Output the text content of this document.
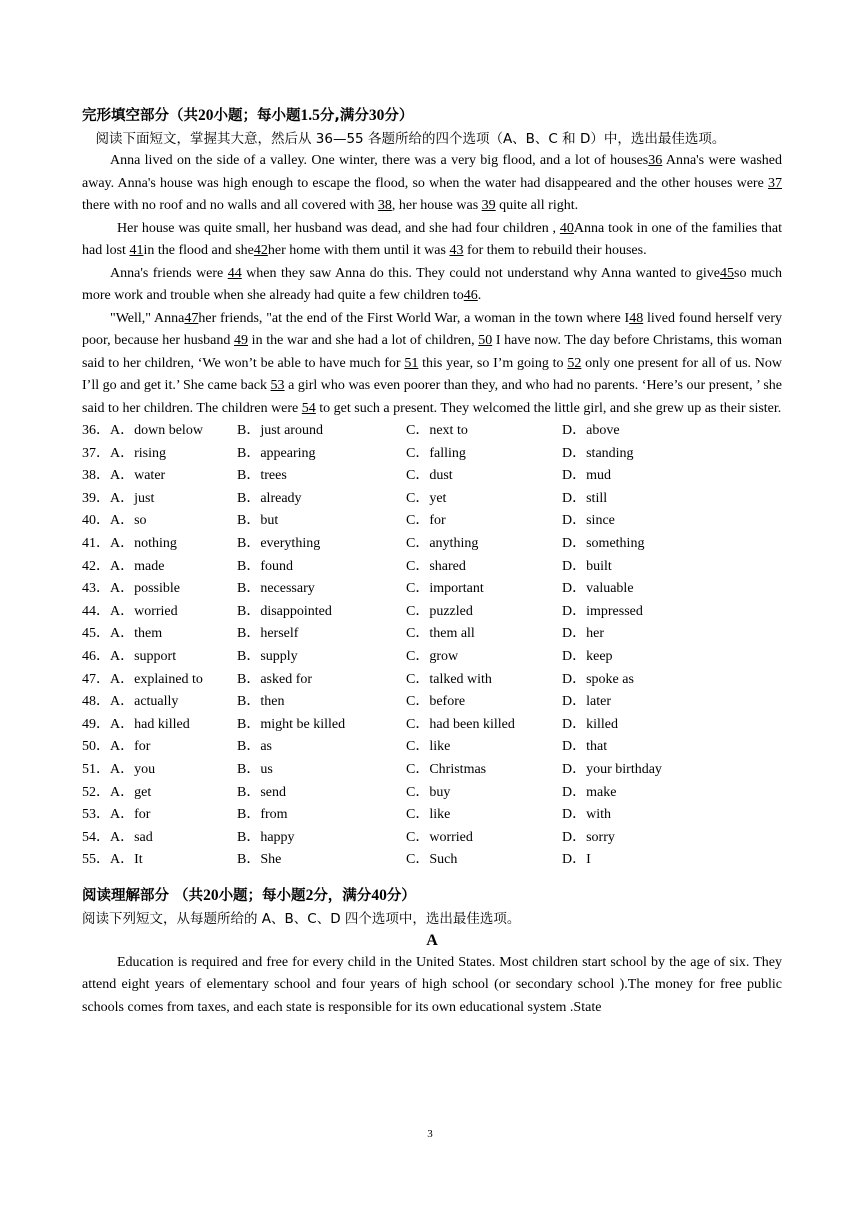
完形填空部分（共20小题；每小题1.5分,满分30分）

阅读下面短文，掌握其大意，然后从 36—55 各题所给的四个选项（A、B、C 和 D）中，选出最佳选项。

Anna lived on the side of a valley. One winter, there was a very big flood, and a lot of houses36 Anna's were washed away. Anna's house was high enough to escape the flood, so when the water had disappeared and the other houses were 37 there with no roof and no walls and all covered with 38, her house was 39 quite all right.

Her house was quite small, her husband was dead, and she had four children , 40Anna took in one of the families that had lost 41in the flood and she42her home with them until it was 43 for them to rebuild their houses.

Anna's friends were 44 when they saw Anna do this. They could not understand why Anna wanted to give45so much more work and trouble when she already had quite a few children to46.

"Well," Anna47her friends, "at the end of the First World War, a woman in the town where I48 lived found herself very poor, because her husband 49 in the war and she had a lot of children, 50 I have now. The day before Christams, this woman said to her children, ‘We won’t be able to have much for 51 this year, so I’m going to 52 only one present for all of us. Now I’ll go and get it.’ She came back 53 a girl who was even poorer than they, and who had no parents. ‘Here’s our present, ’ she said to her children. The children were 54 to get such a present. They welcomed the little girl, and she grew up as their sister.

36．A．down below	B．just around	C．next to	D．above
37．A．rising	B．appearing	C．falling	D．standing
38．A．water	B．trees	C．dust	D．mud
39．A．just	B．already	C．yet	D．still
40．A．so	B．but	C．for	D．since
41．A．nothing	B．everything	C．anything	D．something
42．A．made	B．found	C．shared	D．built
43．A．possible	B．necessary	C．important	D．valuable
44．A．worried	B．disappointed	C．puzzled	D．impressed
45．A．them	B．herself	C．them all	D．her
46．A．support	B．supply	C．grow	D．keep
47．A．explained to	B．asked for	C．talked with	D．spoke as
48．A．actually	B．then	C．before	D．later
49．A．had killed	B．might be killed	C．had been killed	D．killed
50．A．for	B．as	C．like	D．that
51．A．you	B．us	C．Christmas	D．your birthday
52．A．get	B．send	C．buy	D．make
53．A．for	B．from	C．like	D．with
54．A．sad	B．happy	C．worried	D．sorry
55．A．It	B．She	C．Such	D．I

阅读理解部分 （共20小题；每小题2分，满分40分）

阅读下列短文，从每题所给的 A、B、C、D 四个选项中，选出最佳选项。

A

Education is required and free for every child in the United States. Most children start school by the age of six. They attend eight years of elementary school and four years of high school (or secondary school ).The money for free public schools comes from taxes, and each state is responsible for its own educational system .State

3
